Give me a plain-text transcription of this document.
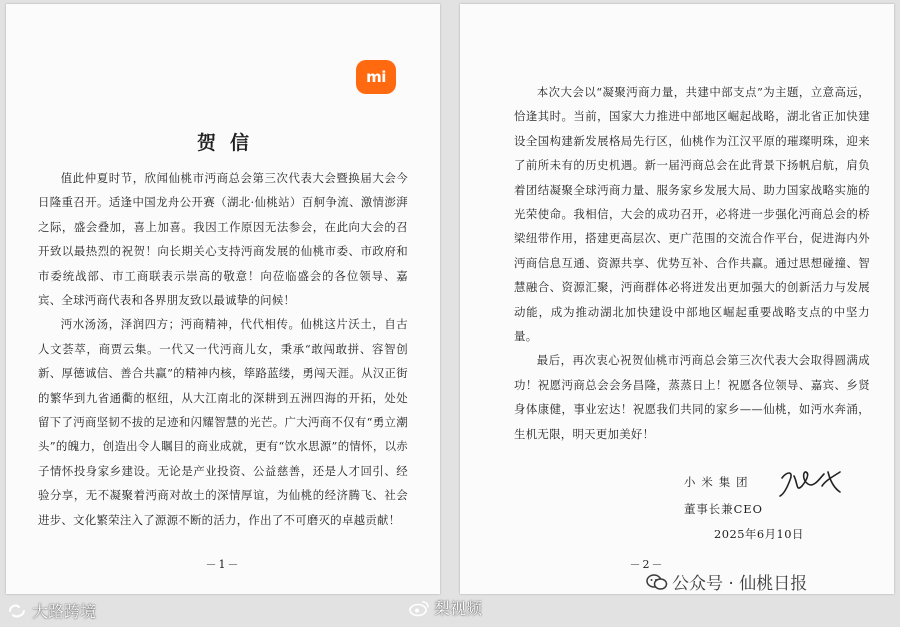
mi
贺信

值此仲夏时节，欣闻仙桃市沔商总会第三次代表大会暨换届大会今日隆重召开。适逢中国龙舟公开赛（湖北·仙桃站）百舸争流、激情澎湃之际，盛会叠加，喜上加喜。我因工作原因无法参会，在此向大会的召开致以最热烈的祝贺！向长期关心支持沔商发展的仙桃市委、市政府和市委统战部、市工商联表示崇高的敬意！向莅临盛会的各位领导、嘉宾、全球沔商代表和各界朋友致以最诚挚的问候！

沔水汤汤，泽润四方；沔商精神，代代相传。仙桃这片沃土，自古人文荟萃，商贾云集。一代又一代沔商儿女，秉承“敢闯敢拼、容智创新、厚德诚信、善合共赢”的精神内核，筚路蓝缕，勇闯天涯。从汉正街的繁华到九省通衢的枢纽，从大江南北的深耕到五洲四海的开拓，处处留下了沔商坚韧不拔的足迹和闪耀智慧的光芒。广大沔商不仅有“勇立潮头”的魄力，创造出令人瞩目的商业成就，更有“饮水思源”的情怀，以赤子情怀投身家乡建设。无论是产业投资、公益慈善，还是人才回引、经验分享，无不凝聚着沔商对故土的深情厚谊，为仙桃的经济腾飞、社会进步、文化繁荣注入了源源不断的活力，作出了不可磨灭的卓越贡献！

－1－

本次大会以“凝聚沔商力量，共建中部支点”为主题，立意高远，恰逢其时。当前，国家大力推进中部地区崛起战略，湖北省正加快建设全国构建新发展格局先行区，仙桃作为江汉平原的璀璨明珠，迎来了前所未有的历史机遇。新一届沔商总会在此背景下扬帆启航，肩负着团结凝聚全球沔商力量、服务家乡发展大局、助力国家战略实施的光荣使命。我相信，大会的成功召开，必将进一步强化沔商总会的桥梁纽带作用，搭建更高层次、更广范围的交流合作平台，促进海内外沔商信息互通、资源共享、优势互补、合作共赢。通过思想碰撞、智慧融合、资源汇聚，沔商群体必将迸发出更加强大的创新活力与发展动能，成为推动湖北加快建设中部地区崛起重要战略支点的中坚力量。

最后，再次衷心祝贺仙桃市沔商总会第三次代表大会取得圆满成功！祝愿沔商总会会务昌隆，蒸蒸日上！祝愿各位领导、嘉宾、乡贤身体康健，事业宏达！祝愿我们共同的家乡——仙桃，如沔水奔涌，生机无限，明天更加美好！

小米集团
董事长兼CEO
2025年6月10日
－2－
大路跨境	梨视频
公众号 · 仙桃日报
